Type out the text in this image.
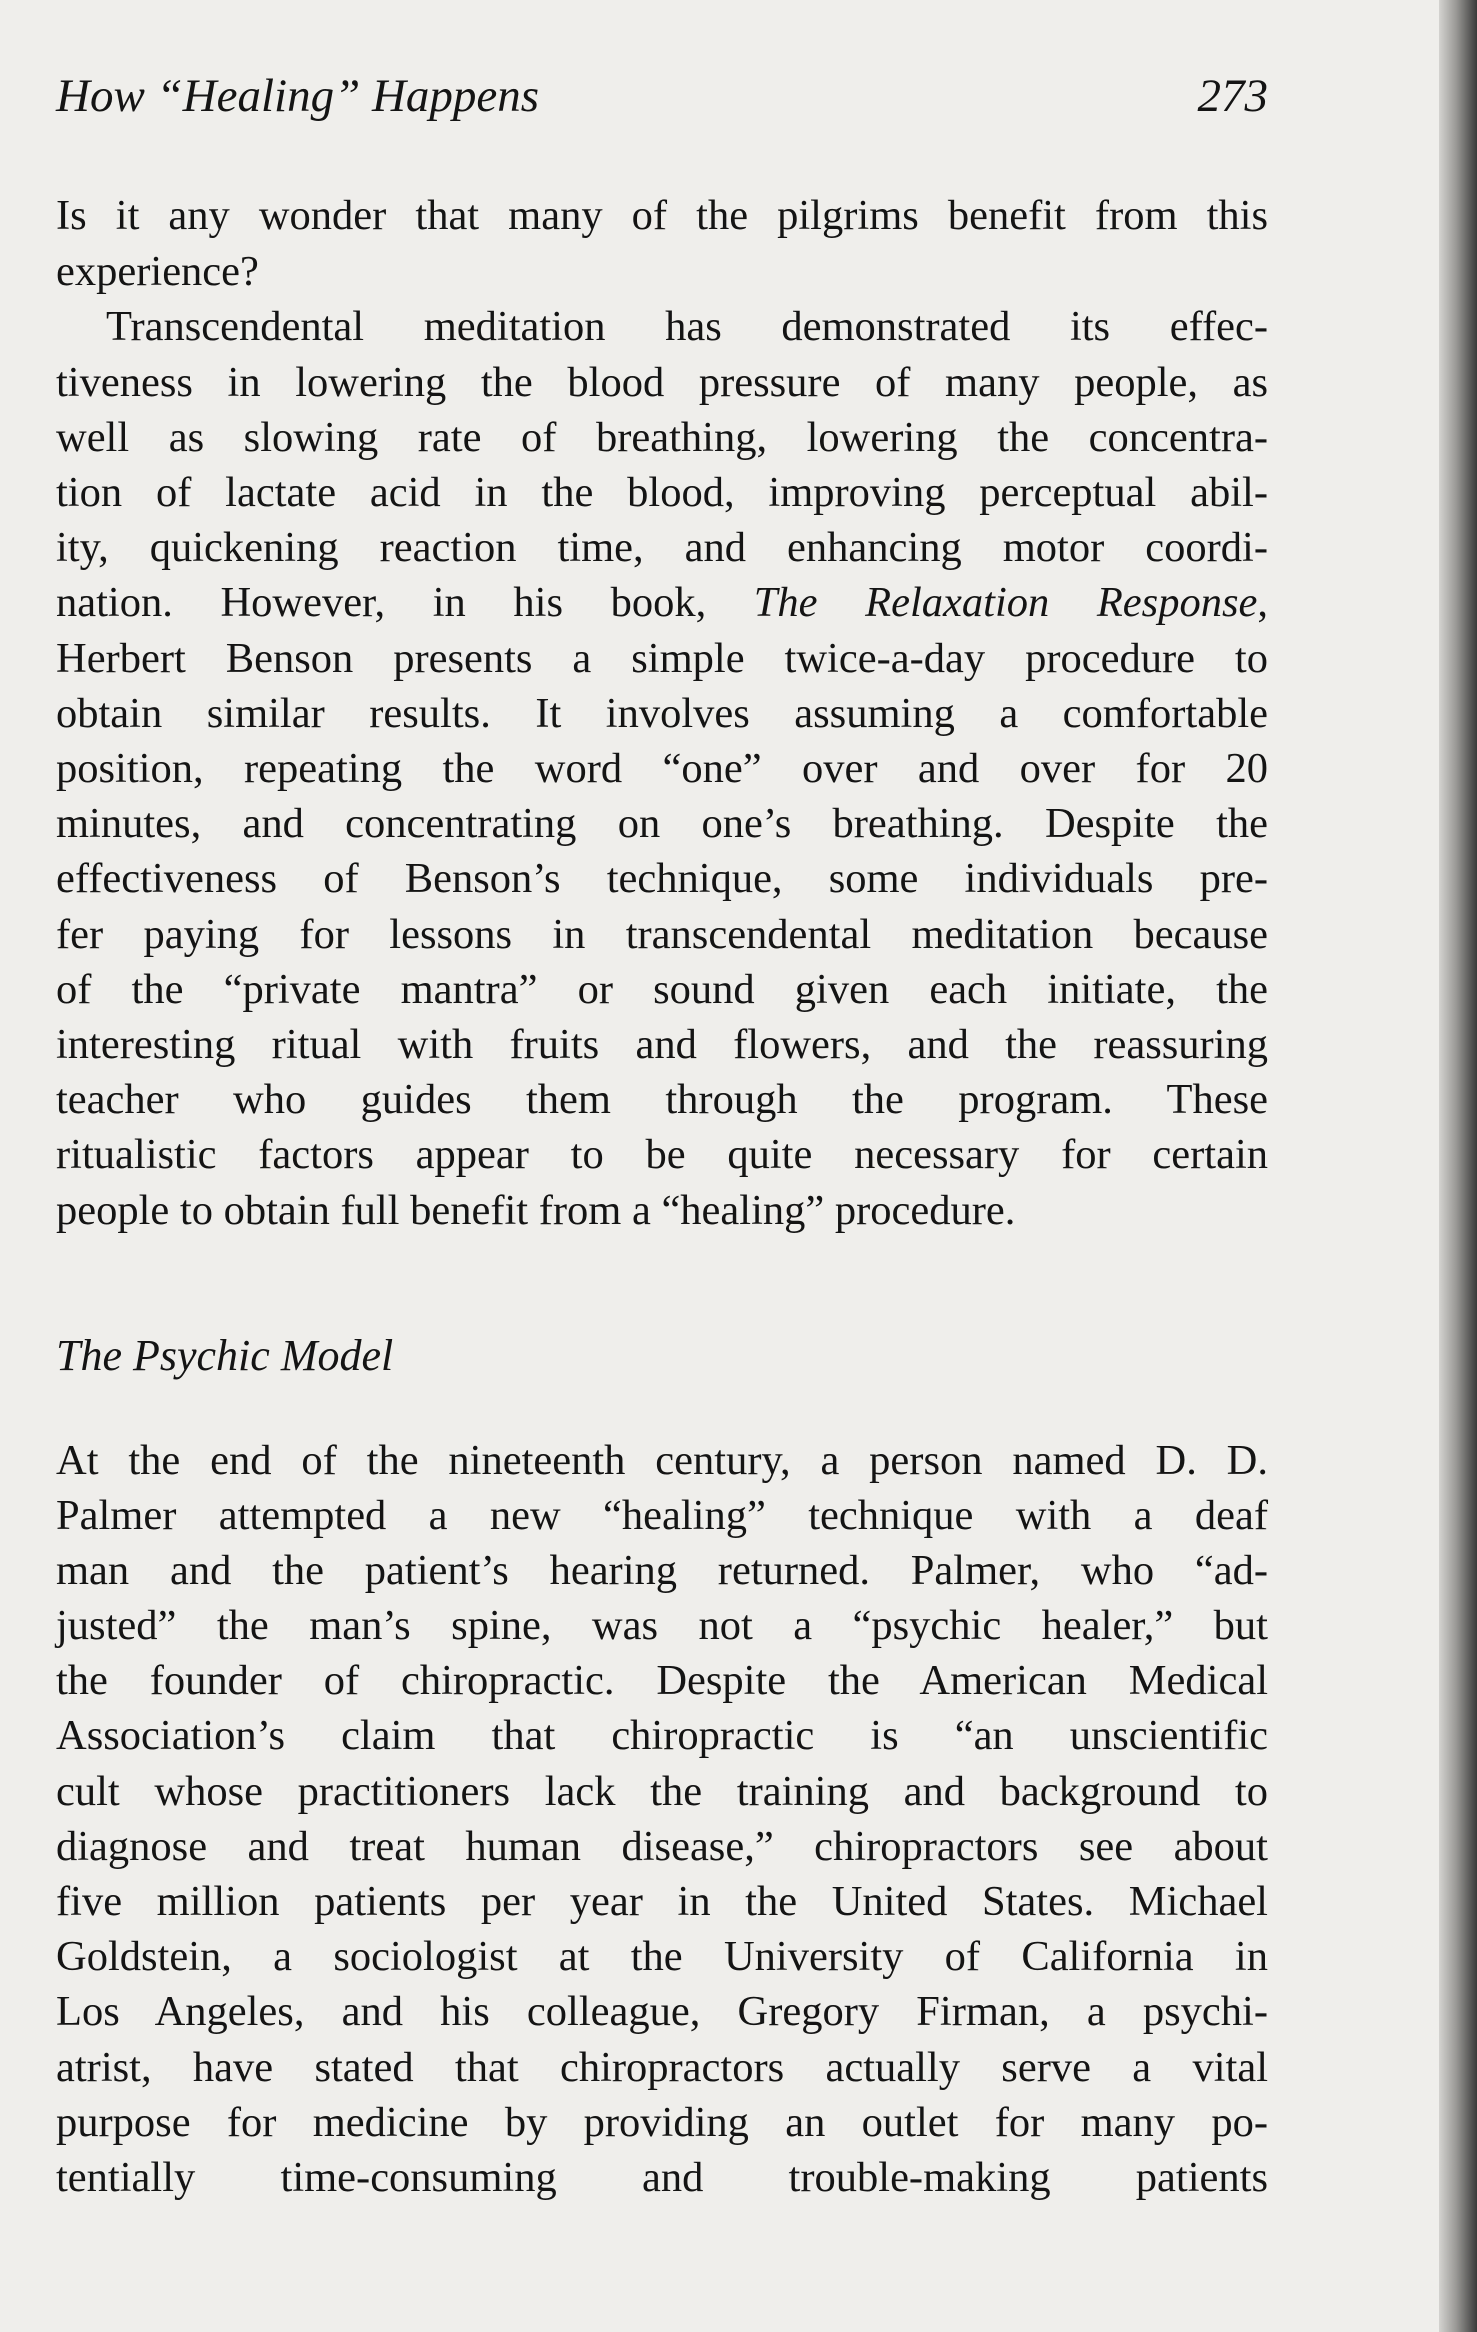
How “Healing” Happens	273
Is it any wonder that many of the pilgrims benefit from this
experience?
Transcendental meditation has demonstrated its effec-
tiveness in lowering the blood pressure of many people, as
well as slowing rate of breathing, lowering the concentra-
tion of lactate acid in the blood, improving perceptual abil-
ity, quickening reaction time, and enhancing motor coordi-
nation. However, in his book, The Relaxation Response,
Herbert Benson presents a simple twice-a-day procedure to
obtain similar results. It involves assuming a comfortable
position, repeating the word “one” over and over for 20
minutes, and concentrating on one’s breathing. Despite the
effectiveness of Benson’s technique, some individuals pre-
fer paying for lessons in transcendental meditation because
of the “private mantra” or sound given each initiate, the
interesting ritual with fruits and flowers, and the reassuring
teacher who guides them through the program. These
ritualistic factors appear to be quite necessary for certain
people to obtain full benefit from a “healing” procedure.
The Psychic Model
At the end of the nineteenth century, a person named D. D.
Palmer attempted a new “healing” technique with a deaf
man and the patient’s hearing returned. Palmer, who “ad-
justed” the man’s spine, was not a “psychic healer,” but
the founder of chiropractic. Despite the American Medical
Association’s claim that chiropractic is “an unscientific
cult whose practitioners lack the training and background to
diagnose and treat human disease,” chiropractors see about
five million patients per year in the United States. Michael
Goldstein, a sociologist at the University of California in
Los Angeles, and his colleague, Gregory Firman, a psychi-
atrist, have stated that chiropractors actually serve a vital
purpose for medicine by providing an outlet for many po-
tentially time-consuming and trouble-making patients
